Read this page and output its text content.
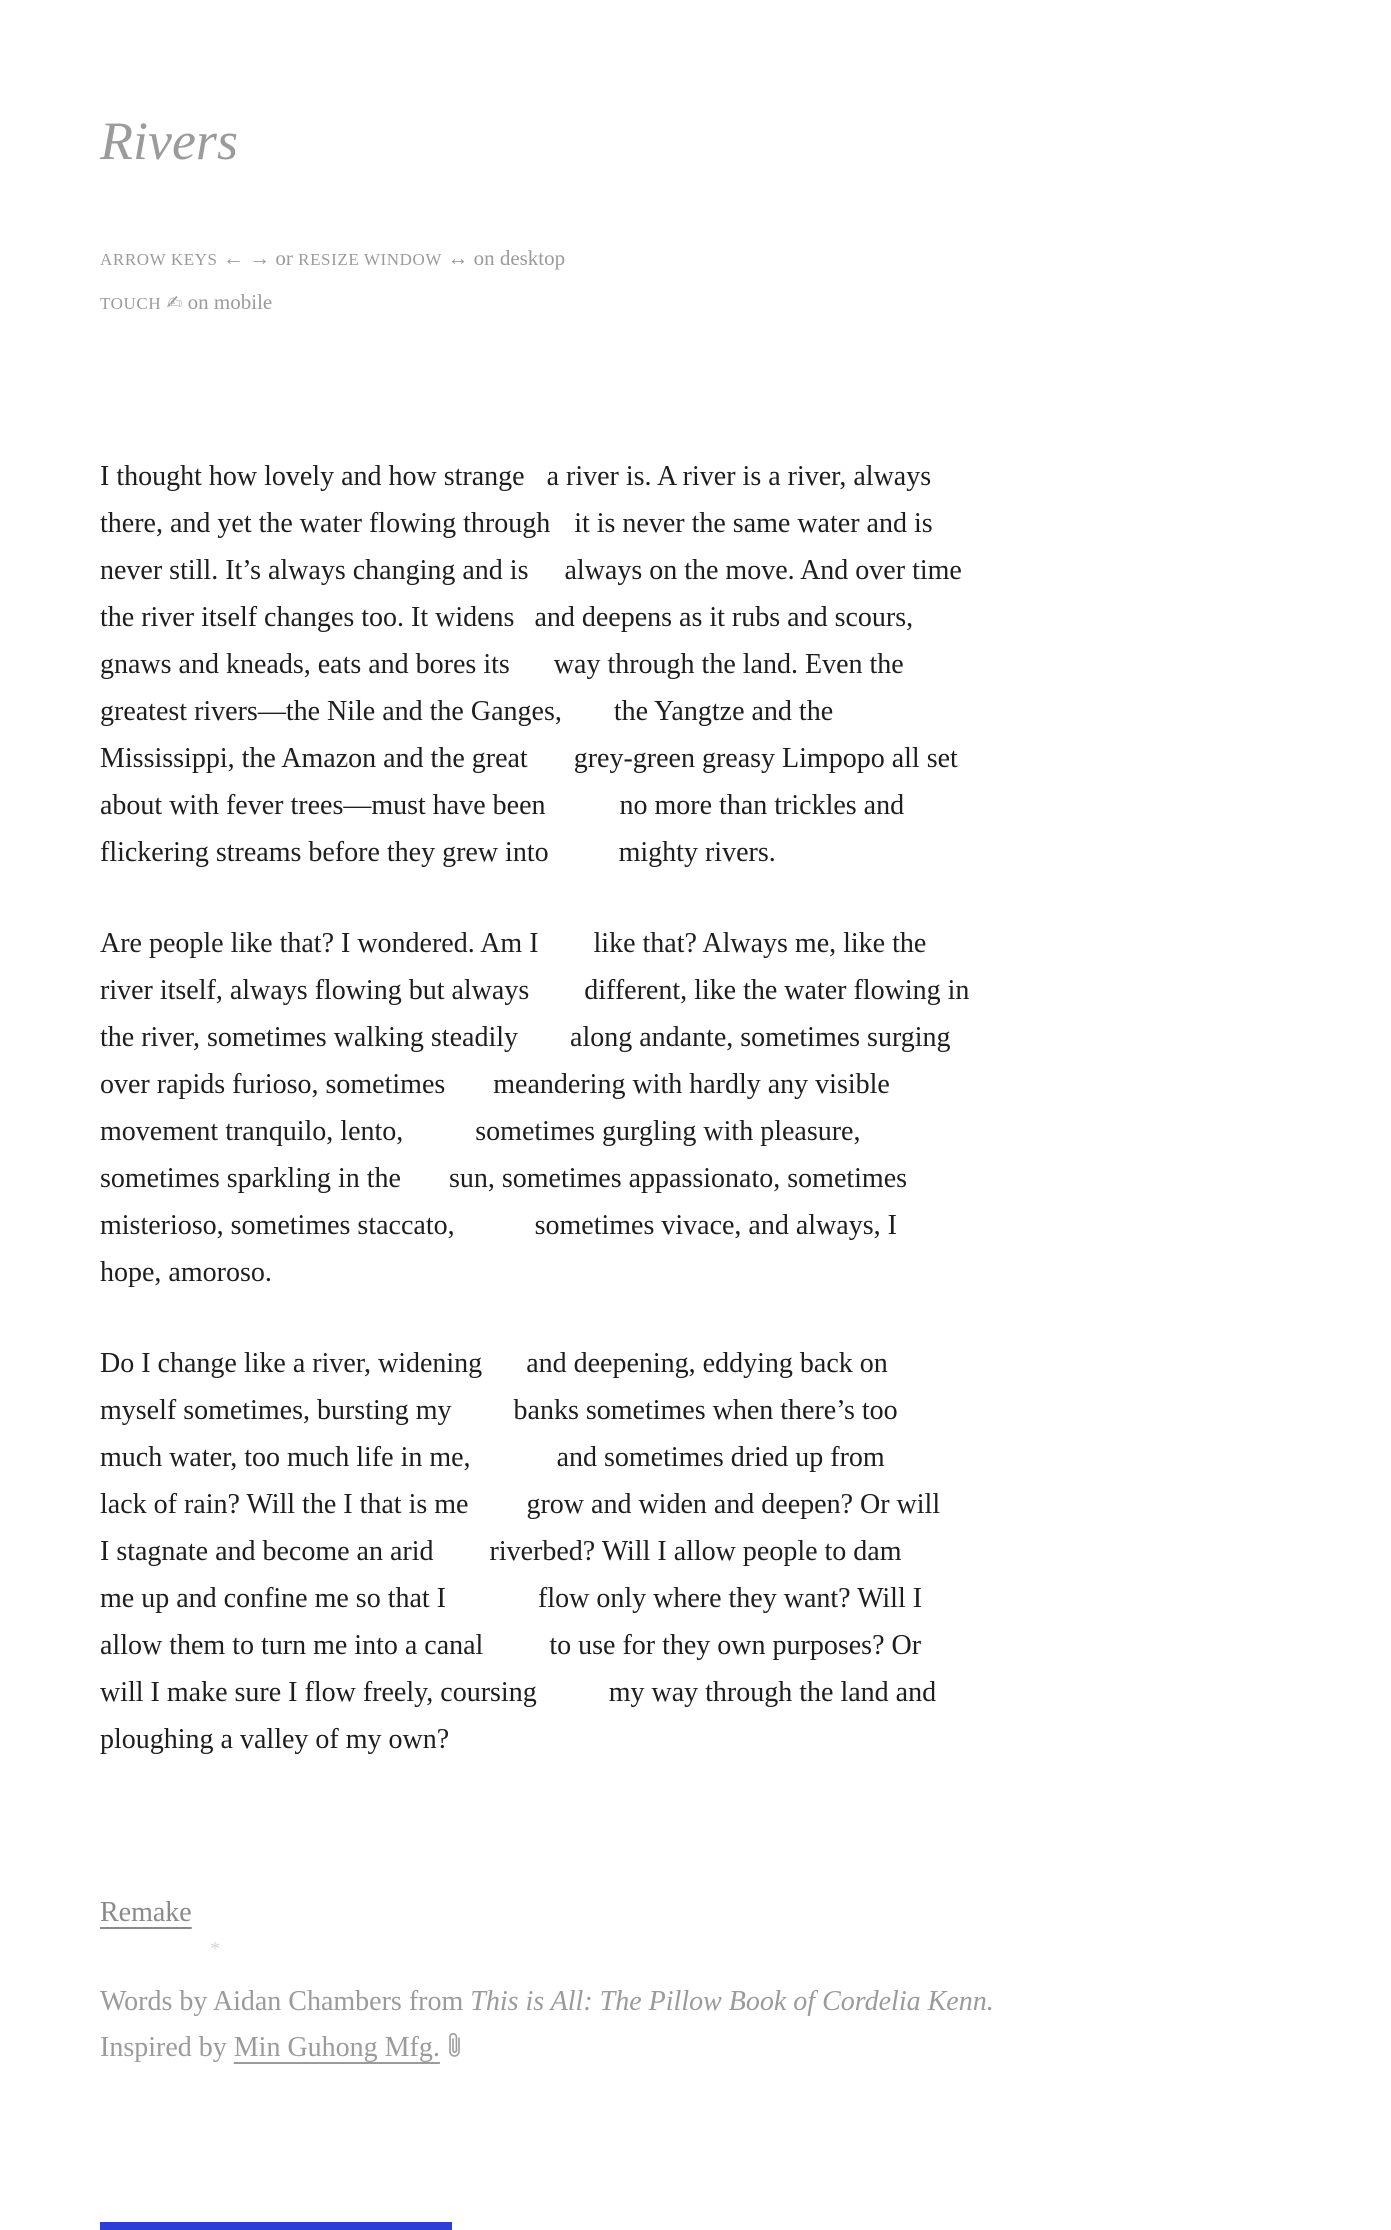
Rivers
ARROW KEYS ← → or RESIZE WINDOW ↔ on desktop
TOUCH ✍ on mobile
I thought how lovely and how strange a river is. A river is a river, always
there, and yet the water flowing through it is never the same water and is
never still. It’s always changing and is always on the move. And over time
the river itself changes too. It widens and deepens as it rubs and scours,
gnaws and kneads, eats and bores its way through the land. Even the
greatest rivers—the Nile and the Ganges, the Yangtze and the
Mississippi, the Amazon and the great grey-green greasy Limpopo all set
about with fever trees—must have been	no more than trickles and
flickering streams before they grew into	mighty rivers.
Are people like that? I wondered. Am I like that? Always me, like the
river itself, always flowing but always different, like the water flowing in
the river, sometimes walking steadily along andante, sometimes surging
over rapids furioso, sometimes meandering with hardly any visible
movement tranquilo, lento,	sometimes gurgling with pleasure,
sometimes sparkling in the sun, sometimes appassionato, sometimes
misterioso, sometimes staccato,	sometimes vivace, and always, I
hope, amoroso.
Do I change like a river, widening and deepening, eddying back on
myself sometimes, bursting my banks sometimes when there’s too
much water, too much life in me,	and sometimes dried up from
lack of rain? Will the I that is me grow and widen and deepen? Or will
I stagnate and become an arid riverbed? Will I allow people to dam
me up and confine me so that I	flow only where they want? Will I
allow them to turn me into a canal to use for they own purposes? Or
will I make sure I flow freely, coursing	my way through the land and
ploughing a valley of my own?
Remake
*
Words by Aidan Chambers from This is All: The Pillow Book of Cordelia Kenn.
Inspired by Min Guhong Mfg.
